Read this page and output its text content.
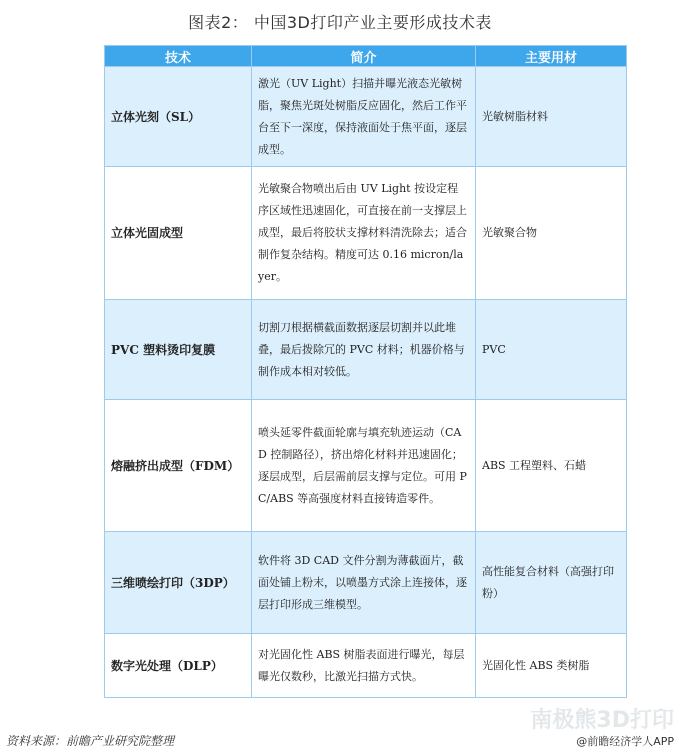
图表2： 中国3D打印产业主要形成技术表
技术	简介	主要用材
立体光刻（SL）	激光（UV Light）扫描并曝光液态光敏树脂，聚焦光斑处树脂反应固化，然后工作平台至下一深度，保持液面处于焦平面，逐层成型。	光敏树脂材料
立体光固成型	光敏聚合物喷出后由 UV Light 按设定程序区域性迅速固化，可直接在前一支撑层上成型，最后将胶状支撑材料清洗除去；适合制作复杂结构。精度可达 0.16 micron/layer。	光敏聚合物
PVC 塑料烫印复膜	切割刀根据横截面数据逐层切割并以此堆叠，最后拨除冗的 PVC 材料；机器价格与制作成本相对较低。	PVC
熔融挤出成型（FDM）	喷头延零件截面轮廓与填充轨迹运动（CAD 控制路径），挤出熔化材料并迅速固化；逐层成型，后层需前层支撑与定位。可用 PC/ABS 等高强度材料直接铸造零件。	ABS 工程塑料、石蜡
三维喷绘打印（3DP）	软件将 3D CAD 文件分割为薄截面片，截面处铺上粉末，以喷墨方式涂上连接体，逐层打印形成三维模型。	高性能复合材料（高强打印粉）
数字光处理（DLP）	对光固化性 ABS 树脂表面进行曝光，每层曝光仅数秒，比激光扫描方式快。	光固化性 ABS 类树脂
资料来源：前瞻产业研究院整理
南极熊3D打印
@前瞻经济学人APP
